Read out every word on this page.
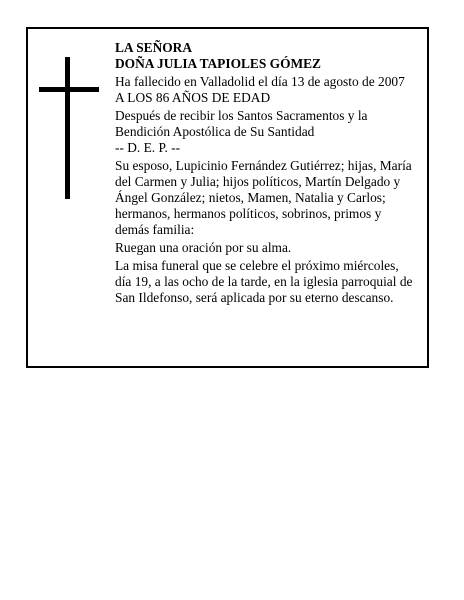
LA SEÑORA
DOÑA JULIA TAPIOLES GÓMEZ
Ha fallecido en Valladolid el día 13 de agosto de 2007
A LOS 86 AÑOS DE EDAD
Después de recibir los Santos Sacramentos y la
Bendición Apostólica de Su Santidad
-- D. E. P. --
Su esposo, Lupicinio Fernández Gutiérrez; hijas, María
del Carmen y Julia; hijos políticos, Martín Delgado y
Ángel González; nietos, Mamen, Natalia y Carlos;
hermanos, hermanos políticos, sobrinos, primos y
demás familia:
Ruegan una oración por su alma.
La misa funeral que se celebre el próximo miércoles,
día 19, a las ocho de la tarde, en la iglesia parroquial de
San Ildefonso, será aplicada por su eterno descanso.
